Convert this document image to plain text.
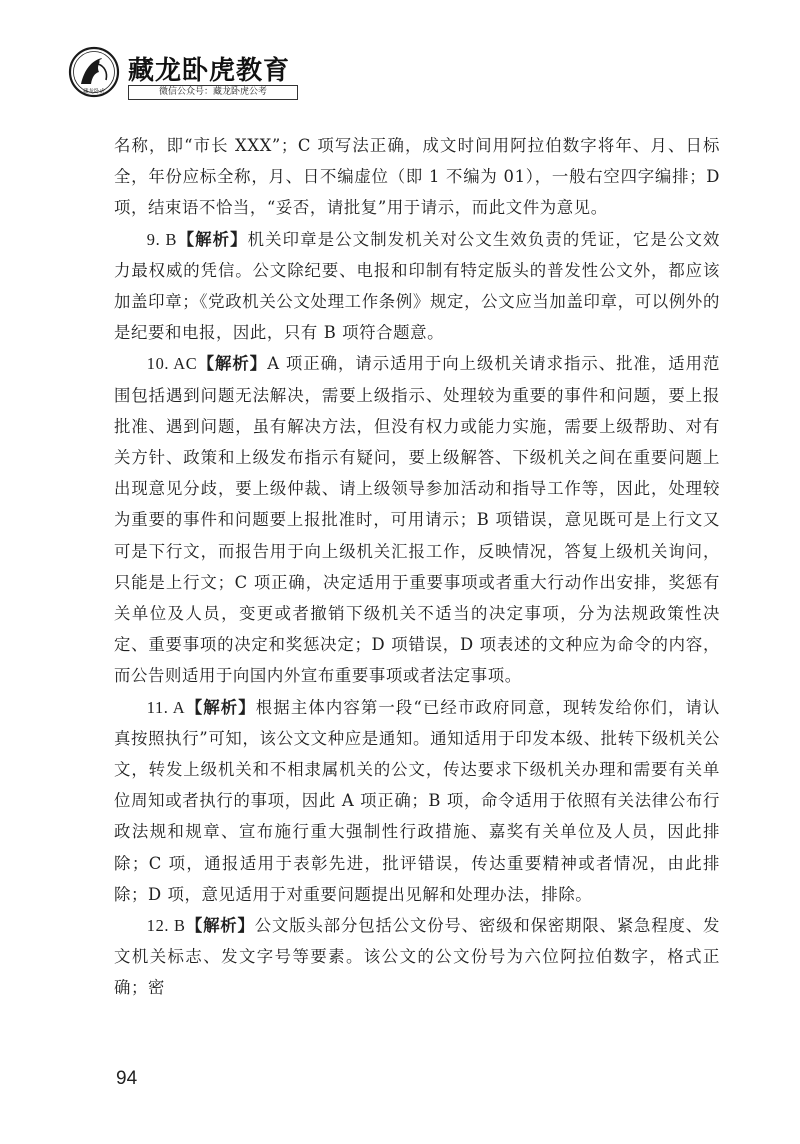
藏龙卧虎
藏龙卧虎教育
微信公众号：藏龙卧虎公考

名称，即“市长 XXX”；C 项写法正确，成文时间用阿拉伯数字将年、月、日标全，年份应标全称，月、日不编虚位（即 1 不编为 01），一般右空四字编排；D 项，结束语不恰当，“妥否，请批复”用于请示，而此文件为意见。

9. B【解析】机关印章是公文制发机关对公文生效负责的凭证，它是公文效力最权威的凭信。公文除纪要、电报和印制有特定版头的普发性公文外，都应该加盖印章；《党政机关公文处理工作条例》规定，公文应当加盖印章，可以例外的是纪要和电报，因此，只有 B 项符合题意。

10. AC【解析】A 项正确，请示适用于向上级机关请求指示、批准，适用范围包括遇到问题无法解决，需要上级指示、处理较为重要的事件和问题，要上报批准、遇到问题，虽有解决方法，但没有权力或能力实施，需要上级帮助、对有关方针、政策和上级发布指示有疑问，要上级解答、下级机关之间在重要问题上出现意见分歧，要上级仲裁、请上级领导参加活动和指导工作等，因此，处理较为重要的事件和问题要上报批准时，可用请示；B 项错误，意见既可是上行文又可是下行文，而报告用于向上级机关汇报工作，反映情况，答复上级机关询问，只能是上行文；C 项正确，决定适用于重要事项或者重大行动作出安排，奖惩有关单位及人员，变更或者撤销下级机关不适当的决定事项，分为法规政策性决定、重要事项的决定和奖惩决定；D 项错误，D 项表述的文种应为命令的内容，而公告则适用于向国内外宣布重要事项或者法定事项。

11. A【解析】根据主体内容第一段“已经市政府同意，现转发给你们，请认真按照执行”可知，该公文文种应是通知。通知适用于印发本级、批转下级机关公文，转发上级机关和不相隶属机关的公文，传达要求下级机关办理和需要有关单位周知或者执行的事项，因此 A 项正确；B 项，命令适用于依照有关法律公布行政法规和规章、宣布施行重大强制性行政措施、嘉奖有关单位及人员，因此排除；C 项，通报适用于表彰先进，批评错误，传达重要精神或者情况，由此排除；D 项，意见适用于对重要问题提出见解和处理办法，排除。

12. B【解析】公文版头部分包括公文份号、密级和保密期限、紧急程度、发文机关标志、发文字号等要素。该公文的公文份号为六位阿拉伯数字，格式正确；密

94
